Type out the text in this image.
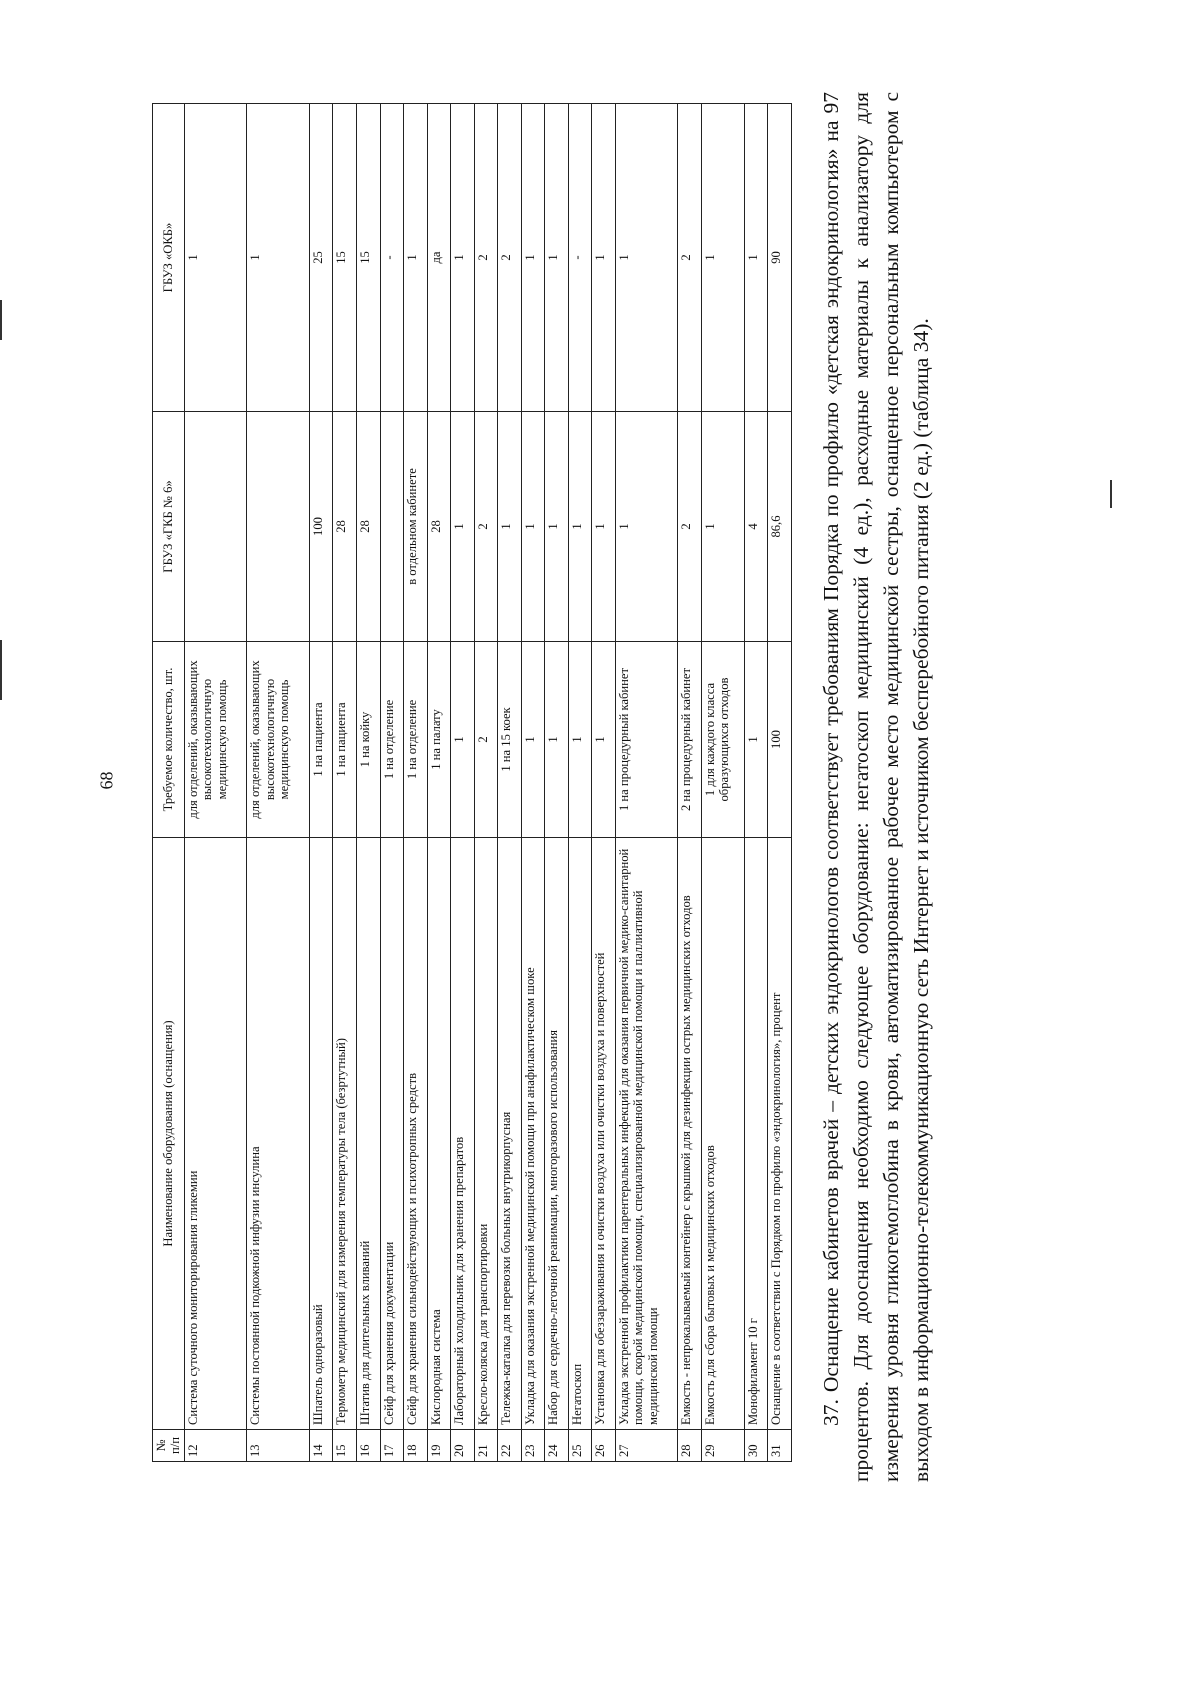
68
№ п/п	Наименование оборудования (оснащения)	Требуемое количество, шт.	ГБУЗ «ГКБ № 6»	ГБУЗ «ОКБ»
12	Система суточного мониторирования гликемии	для отделений, оказывающих высокотехнологичную медицинскую помощь		1
13	Системы постоянной подкожной инфузии инсулина	для отделений, оказывающих высокотехнологичную медицинскую помощь		1
14	Шпатель одноразовый	1 на пациента	100	25
15	Термометр медицинский для измерения температуры тела (безртутный)	1 на пациента	28	15
16	Штатив для длительных вливаний	1 на койку	28	15
17	Сейф для хранения документации	1 на отделение		-
18	Сейф для хранения сильнодействующих и психотропных средств	1 на отделение	в отдельном кабинете	1
19	Кислородная система	1 на палату	28	да
20	Лабораторный холодильник для хранения препаратов	1	1	1
21	Кресло-коляска для транспортировки	2	2	2
22	Тележка-каталка для перевозки больных внутрикорпусная	1 на 15 коек	1	2
23	Укладка для оказания экстренной медицинской помощи при анафилактическом шоке	1	1	1
24	Набор для сердечно-легочной реанимации, многоразового использования	1	1	1
25	Негатоскоп	1	1	-
26	Установка для обеззараживания и очистки воздуха или очистки воздуха и поверхностей	1	1	1
27	Укладка экстренной профилактики парентеральных инфекций для оказания первичной медико-санитарной помощи, скорой медицинской помощи, специализированной медицинской помощи и паллиативной медицинской помощи	1 на процедурный кабинет	1	1
28	Емкость - непрокалываемый контейнер с крышкой для дезинфекции острых медицинских отходов	2 на процедурный кабинет	2	2
29	Емкость для сбора бытовых и медицинских отходов	1 для каждого класса образующихся отходов	1	1
30	Монофиламент 10 г	1	4	1
31	Оснащение в соответствии с Порядком по профилю «эндокринология», процент	100	86,6	90 37. Оснащение кабинетов врачей – детских эндокринологов соответствует требованиям Порядка по профилю «детская эндокринология» на 97 процентов. Для дооснащения необходимо следующее оборудование: негатоскоп медицинский (4 ед.), расходные материалы к анализатору для измерения уровня гликогемоглобина в крови, автоматизированное рабочее место медицинской сестры, оснащенное персональным компьютером с выходом в информационно-телекоммуникационную сеть Интернет и источником бесперебойного питания (2 ед.) (таблица 34).
